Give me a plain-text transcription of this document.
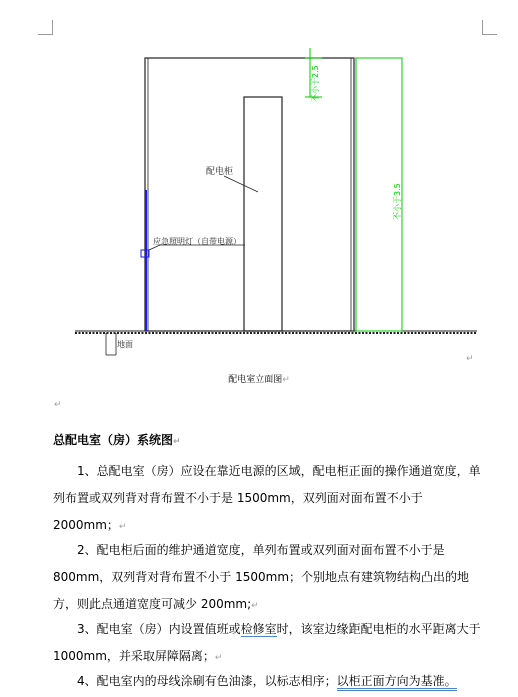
配电柜
应急照明灯（自带电源）
地面
不小于2.5
不小于3.5
↵
配电室立面图↵
↵
总配电室（房）系统图↵
1、总配电室（房）应设在靠近电源的区域，配电柜正面的操作通道宽度，单列布置或双列背对背布置不小于是 1500mm，双列面对面布置不小于 2000mm；↵
2、配电柜后面的维护通道宽度，单列布置或双列面对面布置不小于是 800mm，双列背对背布置不小于 1500mm；个别地点有建筑物结构凸出的地方，则此点通道宽度可减少 200mm;↵
3、配电室（房）内设置值班或检修室时，该室边缘距配电柜的水平距离大于 1000mm，并采取屏障隔离；↵
4、配电室内的母线涂刷有色油漆，以标志相序；以柜正面方向为基准。
